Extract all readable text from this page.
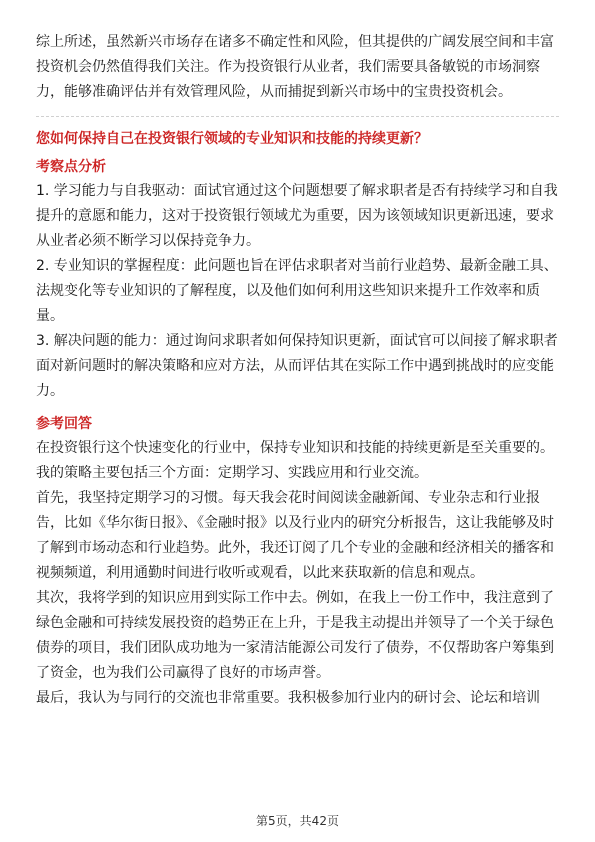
综上所述，虽然新兴市场存在诸多不确定性和风险，但其提供的广阔发展空间和丰富投资机会仍然值得我们关注。作为投资银行从业者，我们需要具备敏锐的市场洞察力，能够准确评估并有效管理风险，从而捕捉到新兴市场中的宝贵投资机会。

您如何保持自己在投资银行领域的专业知识和技能的持续更新？

考察点分析

1. 学习能力与自我驱动：面试官通过这个问题想要了解求职者是否有持续学习和自我提升的意愿和能力，这对于投资银行领域尤为重要，因为该领域知识更新迅速，要求从业者必须不断学习以保持竞争力。

2. 专业知识的掌握程度：此问题也旨在评估求职者对当前行业趋势、最新金融工具、法规变化等专业知识的了解程度，以及他们如何利用这些知识来提升工作效率和质量。

3. 解决问题的能力：通过询问求职者如何保持知识更新，面试官可以间接了解求职者面对新问题时的解决策略和应对方法，从而评估其在实际工作中遇到挑战时的应变能力。

参考回答

在投资银行这个快速变化的行业中，保持专业知识和技能的持续更新是至关重要的。我的策略主要包括三个方面：定期学习、实践应用和行业交流。

首先，我坚持定期学习的习惯。每天我会花时间阅读金融新闻、专业杂志和行业报告，比如《华尔街日报》、《金融时报》以及行业内的研究分析报告，这让我能够及时了解到市场动态和行业趋势。此外，我还订阅了几个专业的金融和经济相关的播客和视频频道，利用通勤时间进行收听或观看，以此来获取新的信息和观点。

其次，我将学到的知识应用到实际工作中去。例如，在我上一份工作中，我注意到了绿色金融和可持续发展投资的趋势正在上升，于是我主动提出并领导了一个关于绿色债券的项目，我们团队成功地为一家清洁能源公司发行了债券，不仅帮助客户筹集到了资金，也为我们公司赢得了良好的市场声誉。

最后，我认为与同行的交流也非常重要。我积极参加行业内的研讨会、论坛和培训

第5页，共42页
